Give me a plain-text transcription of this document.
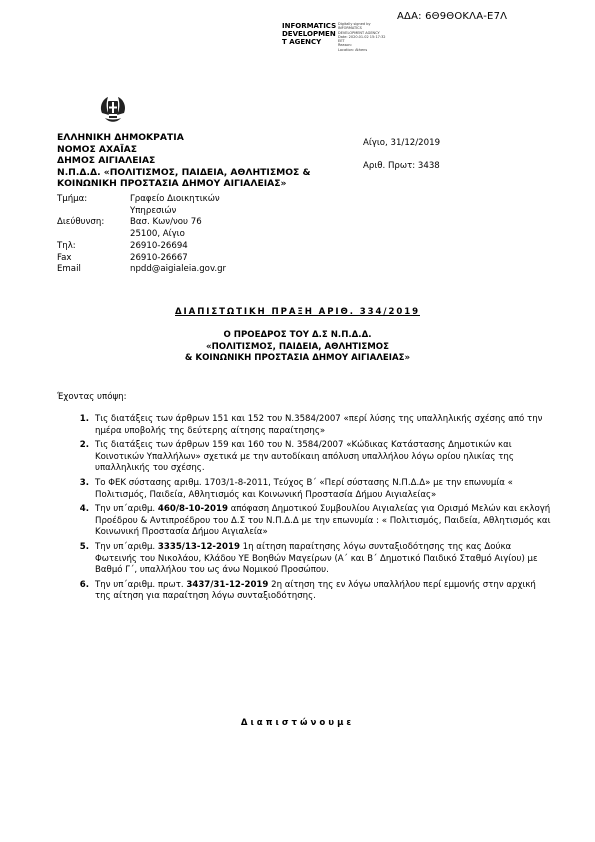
ΑΔΑ: 6Θ9ΘΟΚΛΑ-Ε7Λ
INFORMATICS
DEVELOPMEN
T AGENCY
Digitally signed by
INFORMATICS
DEVELOPMENT AGENCY
Date: 2020.01.02 15:17:32
EET
Reason:
Location: Athens
ΕΛΛΗΝΙΚΗ ΔΗΜΟΚΡΑΤΙΑ
ΝΟΜΟΣ ΑΧΑΪΑΣ
ΔΗΜΟΣ ΑΙΓΙΑΛΕΙΑΣ
Ν.Π.Δ.Δ. «ΠΟΛΙΤΙΣΜΟΣ, ΠΑΙΔΕΙΑ, ΑΘΛΗΤΙΣΜΟΣ &
ΚΟΙΝΩΝΙΚΗ ΠΡΟΣΤΑΣΙΑ ΔΗΜΟΥ ΑΙΓΙΑΛΕΙΑΣ»
Αίγιο, 31/12/2019
Αριθ. Πρωτ: 3438
Τμήμα:	Γραφείο Διοικητικών
Υπηρεσιών
Διεύθυνση:	Βασ. Κων/νου 76
25100, Αίγιο
Τηλ:	26910-26694
Fax	26910-26667
Email	npdd@aigialeia.gov.gr
ΔΙΑΠΙΣΤΩΤΙΚΗ ΠΡΑΞΗ ΑΡΙΘ. 334/2019
Ο ΠΡΟΕΔΡΟΣ ΤΟΥ Δ.Σ Ν.Π.Δ.Δ.
«ΠΟΛΙΤΙΣΜΟΣ, ΠΑΙΔΕΙΑ, ΑΘΛΗΤΙΣΜΟΣ
& ΚΟΙΝΩΝΙΚΗ ΠΡΟΣΤΑΣΙΑ ΔΗΜΟΥ ΑΙΓΙΑΛΕΙΑΣ»
Έχοντας υπόψη:
1. Τις διατάξεις των άρθρων 151 και 152 του Ν.3584/2007 «περί λύσης της υπαλληλικής σχέσης από την ημέρα υποβολής της δεύτερης αίτησης παραίτησης»
2. Τις διατάξεις των άρθρων 159 και 160 του Ν. 3584/2007 «Κώδικας Κατάστασης Δημοτικών και Κοινοτικών Υπαλλήλων» σχετικά με την αυτοδίκαιη απόλυση υπαλλήλου λόγω ορίου ηλικίας της υπαλληλικής του σχέσης.
3. Το ΦΕΚ σύστασης αριθμ. 1703/1-8-2011, Τεύχος Β΄ «Περί σύστασης Ν.Π.Δ.Δ» με την επωνυμία « Πολιτισμός, Παιδεία, Αθλητισμός και Κοινωνική Προστασία Δήμου Αιγιαλείας»
4. Την υπ΄αριθμ. 460/8-10-2019 απόφαση Δημοτικού Συμβουλίου Αιγιαλείας για Ορισμό Μελών και εκλογή Προέδρου & Αντιπροέδρου του Δ.Σ του Ν.Π.Δ.Δ με την επωνυμία : « Πολιτισμός, Παιδεία, Αθλητισμός και Κοινωνική Προστασία Δήμου Αιγιαλεία»
5. Την υπ΄αριθμ. 3335/13-12-2019 1η αίτηση παραίτησης λόγω συνταξιοδότησης της κας Δούκα Φωτεινής του Νικολάου, Κλάδου ΥΕ Βοηθών Μαγείρων (Α΄ και Β΄ Δημοτικό Παιδικό Σταθμό Αιγίου) με Βαθμό Γ΄, υπαλλήλου του ως άνω Νομικού Προσώπου.
6. Την υπ΄αριθμ. πρωτ. 3437/31-12-2019 2η αίτηση της εν λόγω υπαλλήλου περί εμμονής στην αρχική της αίτηση για παραίτηση λόγω συνταξιοδότησης.
Διαπιστώνουμε
